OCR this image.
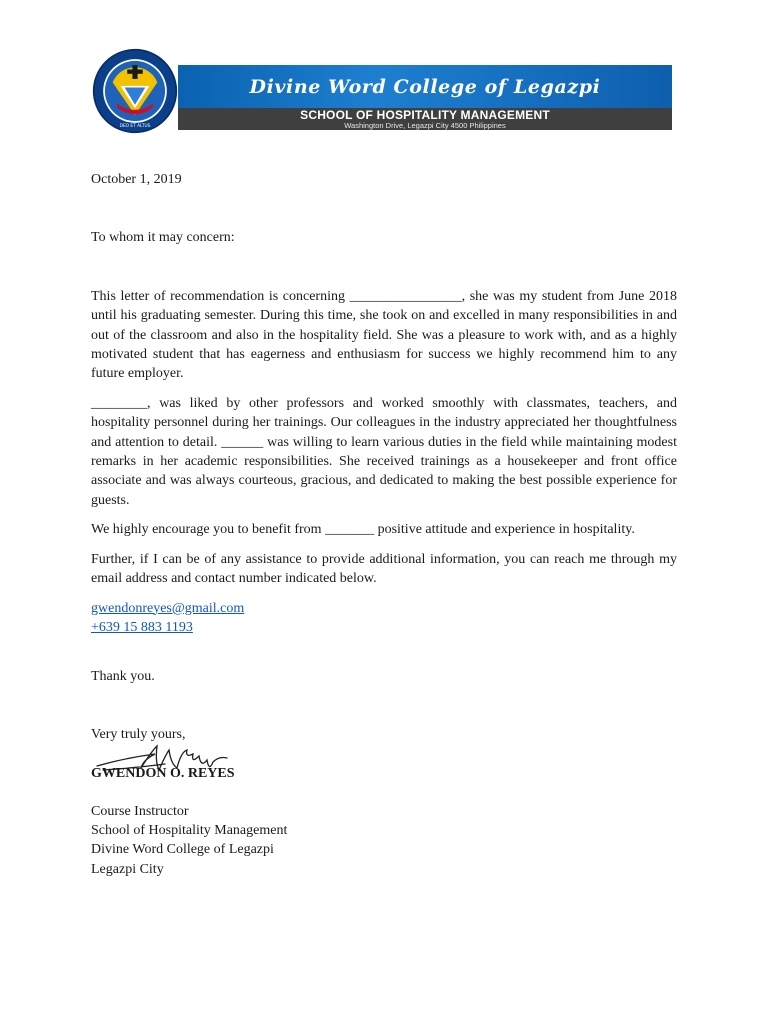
DEO ET ALTUS
Divine Word College of Legazpi
SCHOOL OF HOSPITALITY MANAGEMENT
Washington Drive, Legazpi City 4500 Philippines

October 1, 2019

To whom it may concern:

This letter of recommendation is concerning ________________, she was my student from June 2018 until his graduating semester. During this time, she took on and excelled in many responsibilities in and out of the classroom and also in the hospitality field. She was a pleasure to work with, and as a highly motivated student that has eagerness and enthusiasm for success we highly recommend him to any future employer.

________, was liked by other professors and worked smoothly with classmates, teachers, and hospitality personnel during her trainings. Our colleagues in the industry appreciated her thoughtfulness and attention to detail. ______ was willing to learn various duties in the field while maintaining modest remarks in her academic responsibilities. She received trainings as a housekeeper and front office associate and was always courteous, gracious, and dedicated to making the best possible experience for guests.

We highly encourage you to benefit from _______ positive attitude and experience in hospitality.

Further, if I can be of any assistance to provide additional information, you can reach me through my email address and contact number indicated below.

gwendonreyes@gmail.com
+639 15 883 1193

Thank you.

Very truly yours,

GWENDON O. REYES

Course Instructor

School of Hospitality Management

Divine Word College of Legazpi

Legazpi City
